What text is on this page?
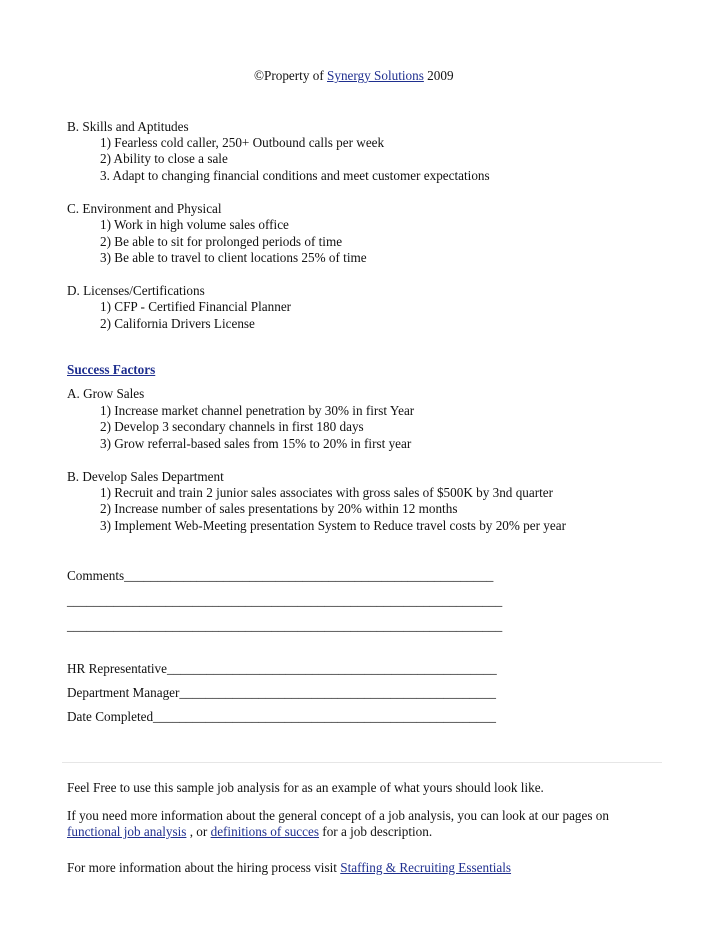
©Property of Synergy Solutions 2009
B. Skills and Aptitudes
1) Fearless cold caller, 250+ Outbound calls per week
2) Ability to close a sale
3. Adapt to changing financial conditions and meet customer expectations
C. Environment and Physical
1) Work in high volume sales office
2) Be able to sit for prolonged periods of time
3) Be able to travel to client locations 25% of time
D. Licenses/Certifications
1) CFP - Certified Financial Planner
2) California Drivers License
Success Factors
A. Grow Sales
1) Increase market channel penetration by 30% in first Year
2) Develop 3 secondary channels in first 180 days
3) Grow referral-based sales from 15% to 20% in first year
B. Develop Sales Department
1) Recruit and train 2 junior sales associates with gross sales of $500K by 3nd quarter
2) Increase number of sales presentations by 20% within 12 months
3) Implement Web-Meeting presentation System to Reduce travel costs by 20% per year
Comments________________________________________________________
__________________________________________________________________
__________________________________________________________________
HR Representative__________________________________________________
Department Manager________________________________________________
Date Completed____________________________________________________
Feel Free to use this sample job analysis for as an example of what yours should look like.
If you need more information about the general concept of a job analysis, you can look at our pages on
functional job analysis , or definitions of succes for a job description.
For more information about the hiring process visit Staffing & Recruiting Essentials
